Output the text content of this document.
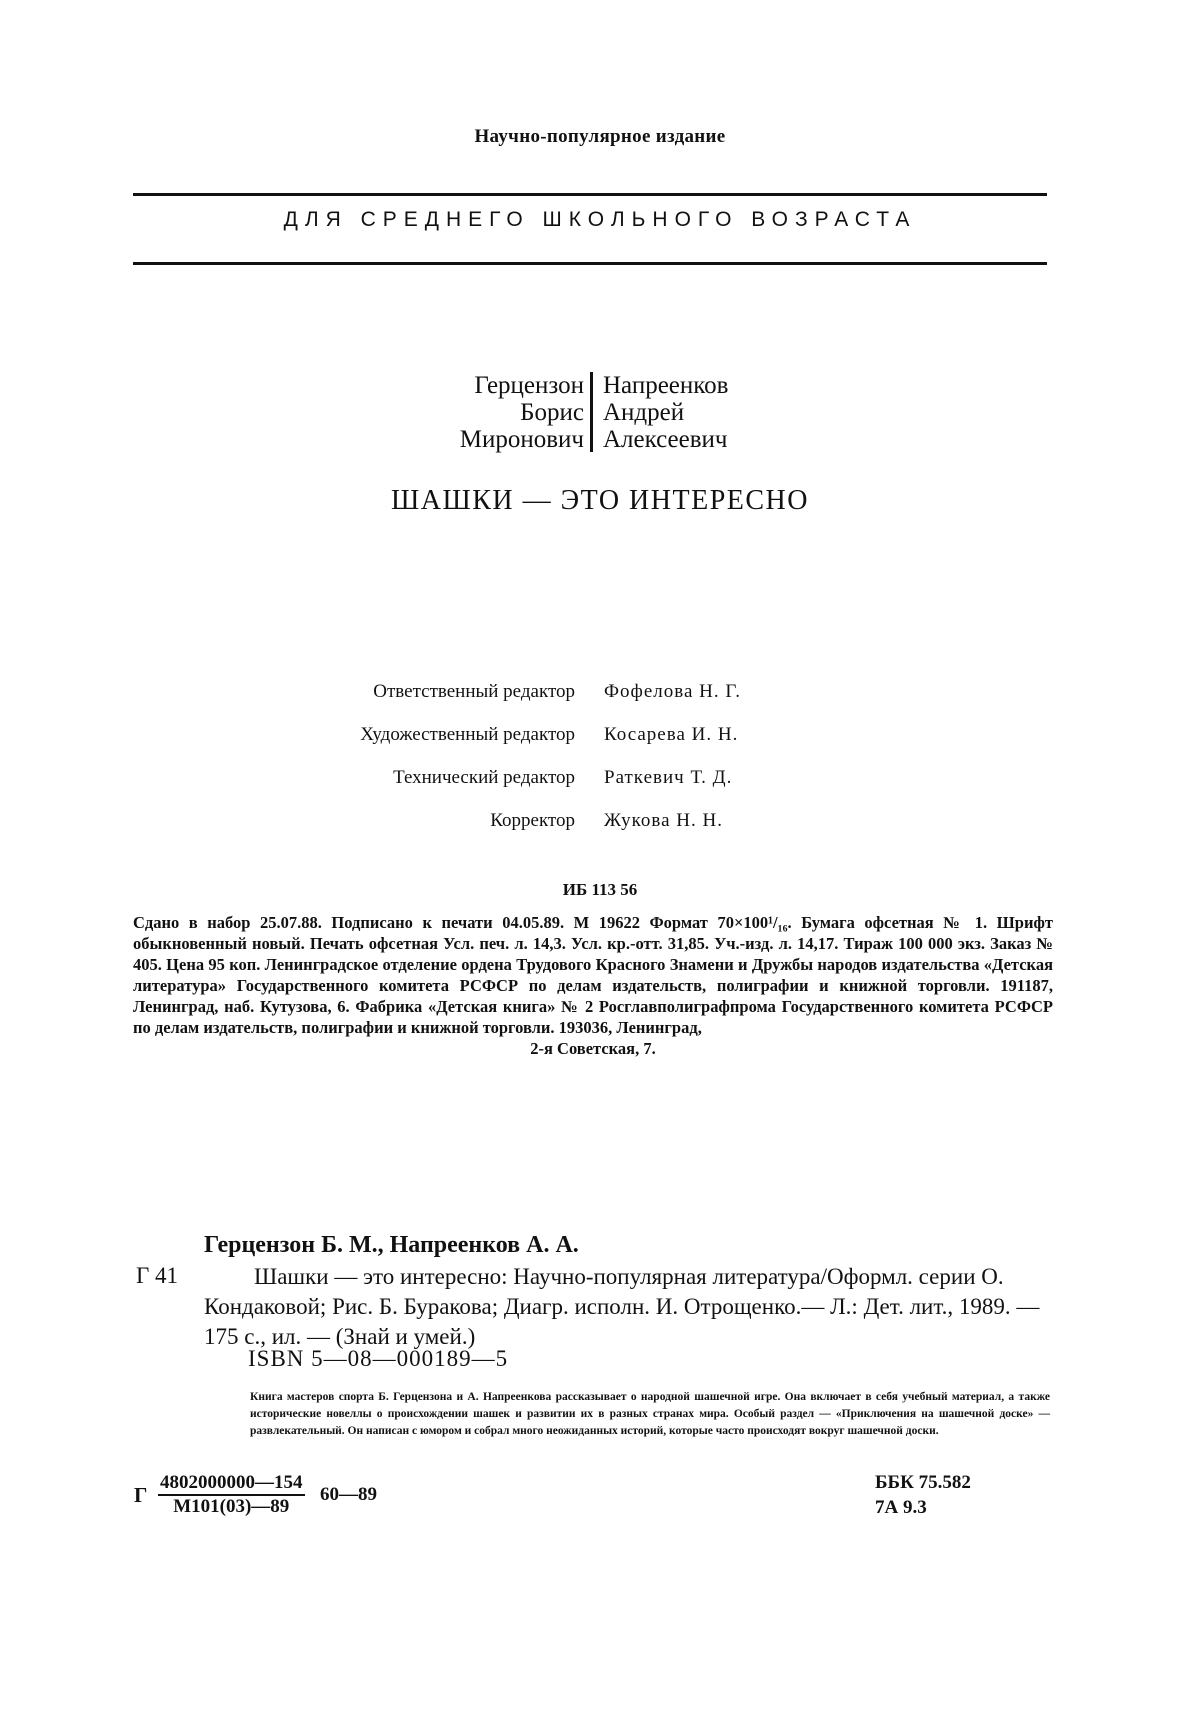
Научно-популярное издание
ДЛЯ СРЕДНЕГО ШКОЛЬНОГО ВОЗРАСТА
Герцензон
Борис
Миронович
Напреенков
Андрей
Алексеевич
ШАШКИ — ЭТО ИНТЕРЕСНО
Ответственный редактор Фофелова Н. Г.
Художественный редактор Косарева И. Н.
Технический редактор Раткевич Т. Д.
Корректор Жукова Н. Н.
ИБ 113 56
Сдано в набор 25.07.88. Подписано к печати 04.05.89. М 19622 Формат 70×100¹/₁₆. Бумага офсетная № 1. Шрифт обыкновенный новый. Печать офсетная Усл. печ. л. 14,3. Усл. кр.-отт. 31,85. Уч.-изд. л. 14,17. Тираж 100 000 экз. Заказ № 405. Цена 95 коп. Ленинградское отделение ордена Трудового Красного Знамени и Дружбы народов издательства «Детская литература» Государственного комитета РСФСР по делам издательств, полиграфии и книжной торговли. 191187, Ленинград, наб. Кутузова, 6. Фабрика «Детская книга» № 2 Росглавполиграфпрома Государственного комитета РСФСР по делам издательств, полиграфии и книжной торговли. 193036, Ленинград,
2-я Советская, 7.
Герцензон Б. М., Напреенков А. А.
Г 41	Шашки — это интересно: Научно-популярная литература/Оформл. серии О. Кондаковой; Рис. Б. Буракова; Диагр. исполн. И. Отрощенко.— Л.: Дет. лит., 1989. — 175 с., ил. — (Знай и умей.)
ISBN 5—08—000189—5
Книга мастеров спорта Б. Герцензона и А. Напреенкова рассказывает о народной шашечной игре. Она включает в себя учебный материал, а также исторические новеллы о происхождении шашек и развитии их в разных странах мира. Особый раздел — «Приключения на шашечной доске» — развлекательный. Он написан с юмором и собрал много неожиданных историй, которые часто происходят вокруг шашечной доски.
Г
4802000000—154
М101(03)—89
60—89
ББК 75.582
7А 9.3
